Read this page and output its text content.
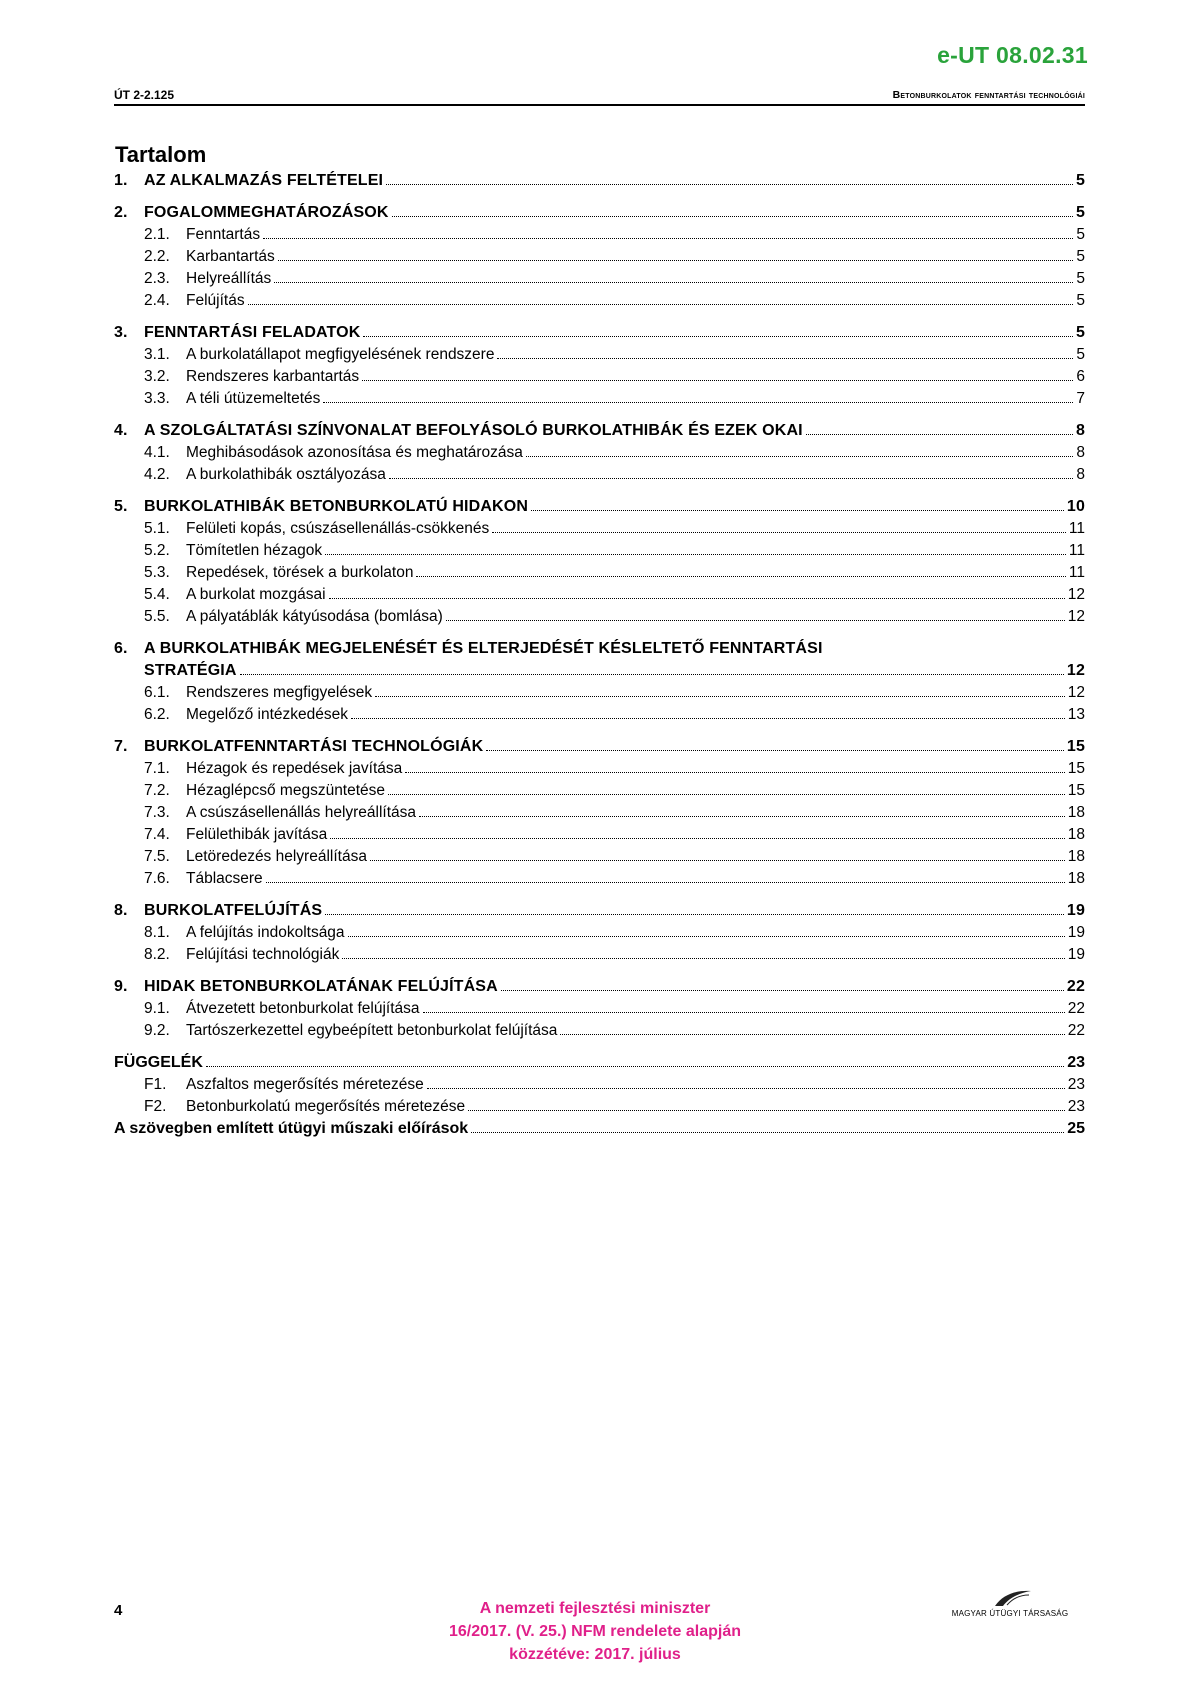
e-UT 08.02.31
ÚT 2-2.125	Betonburkolatok fenntartási technológiái
Tartalom
1.	AZ ALKALMAZÁS FELTÉTELEI	5
2.	FOGALOMMEGHATÁROZÁSOK	5
2.1.	Fenntartás	5
2.2.	Karbantartás	5
2.3.	Helyreállítás	5
2.4.	Felújítás	5
3.	FENNTARTÁSI FELADATOK	5
3.1.	A burkolatállapot megfigyelésének rendszere	5
3.2.	Rendszeres karbantartás	6
3.3.	A téli útüzemeltetés	7
4.	A SZOLGÁLTATÁSI SZÍNVONALAT BEFOLYÁSOLÓ BURKOLATHIBÁK ÉS EZEK OKAI	8
4.1.	Meghibásodások azonosítása és meghatározása	8
4.2.	A burkolathibák osztályozása	8
5.	BURKOLATHIBÁK BETONBURKOLATÚ HIDAKON	10
5.1.	Felületi kopás, csúszásellenállás-csökkenés	11
5.2.	Tömítetlen hézagok	11
5.3.	Repedések, törések a burkolaton	11
5.4.	A burkolat mozgásai	12
5.5.	A pályatáblák kátyúsodása (bomlása)	12
6. A BURKOLATHIBÁK MEGJELENÉSÉT ÉS ELTERJEDÉSÉT KÉSLELTETŐ FENNTARTÁSI
STRATÉGIA	12
6.1.	Rendszeres megfigyelések	12
6.2.	Megelőző intézkedések	13
7.	BURKOLATFENNTARTÁSI TECHNOLÓGIÁK	15
7.1.	Hézagok és repedések javítása	15
7.2.	Hézaglépcső megszüntetése	15
7.3.	A csúszásellenállás helyreállítása	18
7.4.	Felülethibák javítása	18
7.5.	Letöredezés helyreállítása	18
7.6.	Táblacsere	18
8.	BURKOLATFELÚJÍTÁS	19
8.1.	A felújítás indokoltsága	19
8.2.	Felújítási technológiák	19
9.	HIDAK BETONBURKOLATÁNAK FELÚJÍTÁSA	22
9.1.	Átvezetett betonburkolat felújítása	22
9.2.	Tartószerkezettel egybeépített betonburkolat felújítása	22
FÜGGELÉK	23
F1.	Aszfaltos megerősítés méretezése	23
F2.	Betonburkolatú megerősítés méretezése	23
A szövegben említett útügyi műszaki előírások	25
4	A nemzeti fejlesztési miniszter
16/2017. (V. 25.) NFM rendelete alapján
közzétéve: 2017. július
MAGYAR ÚTÜGYI TÁRSASÁG
